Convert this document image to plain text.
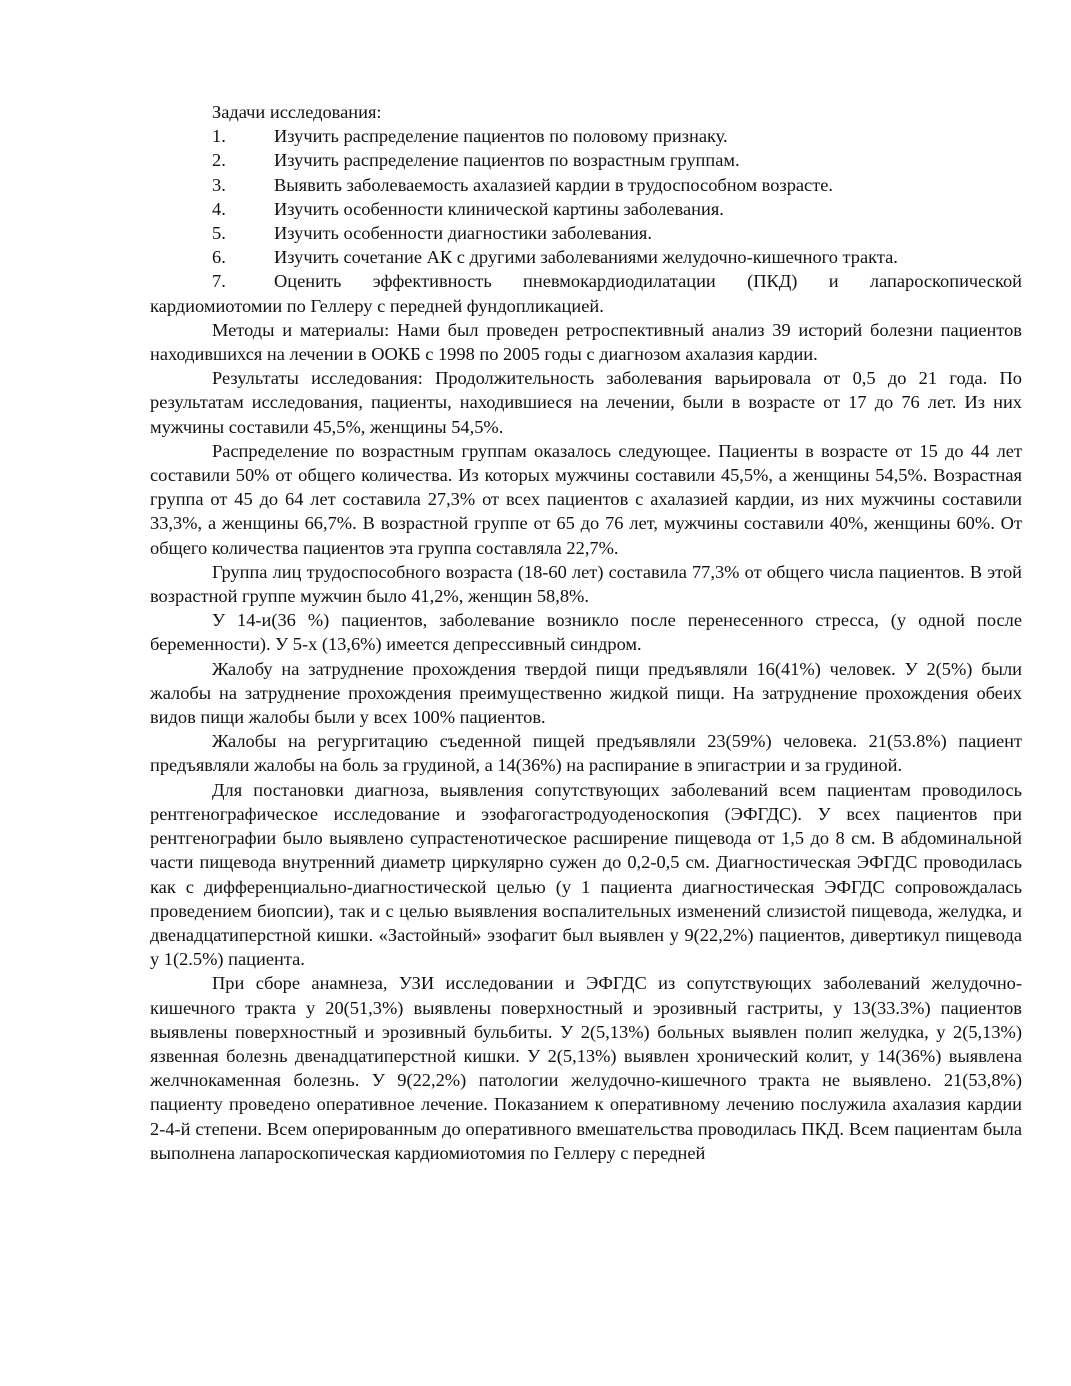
Задачи исследования:
1.	Изучить распределение пациентов по половому признаку.
2.	Изучить распределение пациентов по возрастным группам.
3.	Выявить заболеваемость ахалазией кардии в трудоспособном возрасте.
4.	Изучить особенности клинической картины заболевания.
5.	Изучить особенности диагностики заболевания.
6.	Изучить сочетание АК с другими заболеваниями желудочно-кишечного тракта.
7.	Оценить эффективность пневмокардиодилатации (ПКД) и лапароскопической кардиомиотомии по Геллеру с передней фундопликацией.

Методы и материалы: Нами был проведен ретроспективный анализ 39 историй болезни пациентов находившихся на лечении в ООКБ с 1998 по 2005 годы с диагнозом ахалазия кардии.

Результаты исследования: Продолжительность заболевания варьировала от 0,5 до 21 года. По результатам исследования, пациенты, находившиеся на лечении, были в возрасте от 17 до 76 лет. Из них мужчины составили 45,5%, женщины 54,5%.

Распределение по возрастным группам оказалось следующее. Пациенты в возрасте от 15 до 44 лет составили 50% от общего количества. Из которых мужчины составили 45,5%, а женщины 54,5%. Возрастная группа от 45 до 64 лет составила 27,3% от всех пациентов с ахалазией кардии, из них мужчины составили 33,3%, а женщины 66,7%. В возрастной группе от 65 до 76 лет, мужчины составили 40%, женщины 60%. От общего количества пациентов эта группа составляла 22,7%.

Группа лиц трудоспособного возраста (18-60 лет) составила 77,3% от общего числа пациентов. В этой возрастной группе мужчин было 41,2%, женщин 58,8%.

У 14-и(36 %) пациентов, заболевание возникло после перенесенного стресса, (у одной после беременности). У 5-х (13,6%) имеется депрессивный синдром.

Жалобу на затруднение прохождения твердой пищи предъявляли 16(41%) человек. У 2(5%) были жалобы на затруднение прохождения преимущественно жидкой пищи. На затруднение прохождения обеих видов пищи жалобы были у всех 100% пациентов.

Жалобы на регургитацию съеденной пищей предъявляли 23(59%) человека. 21(53.8%) пациент предъявляли жалобы на боль за грудиной, а 14(36%) на распирание в эпигастрии и за грудиной.

Для постановки диагноза, выявления сопутствующих заболеваний всем пациентам проводилось рентгенографическое исследование и эзофагогастродуоденоскопия (ЭФГДС). У всех пациентов при рентгенографии было выявлено супрастенотическое расширение пищевода от 1,5 до 8 см. В абдоминальной части пищевода внутренний диаметр циркулярно сужен до 0,2-0,5 см. Диагностическая ЭФГДС проводилась как с дифференциально-диагностической целью (у 1 пациента диагностическая ЭФГДС сопровождалась проведением биопсии), так и с целью выявления воспалительных изменений слизистой пищевода, желудка, и двенадцатиперстной кишки. «Застойный» эзофагит был выявлен у 9(22,2%) пациентов, дивертикул пищевода у 1(2.5%) пациента.

При сборе анамнеза, УЗИ исследовании и ЭФГДС из сопутствующих заболеваний желудочно-кишечного тракта у 20(51,3%) выявлены поверхностный и эрозивный гастриты, у 13(33.3%) пациентов выявлены поверхностный и эрозивный бульбиты. У 2(5,13%) больных выявлен полип желудка, у 2(5,13%) язвенная болезнь двенадцатиперстной кишки. У 2(5,13%) выявлен хронический колит, у 14(36%) выявлена желчнокаменная болезнь. У 9(22,2%) патологии желудочно-кишечного тракта не выявлено. 21(53,8%) пациенту проведено оперативное лечение. Показанием к оперативному лечению послужила ахалазия кардии 2-4-й степени. Всем оперированным до оперативного вмешательства проводилась ПКД. Всем пациентам была выполнена лапароскопическая кардиомиотомия по Геллеру с передней
